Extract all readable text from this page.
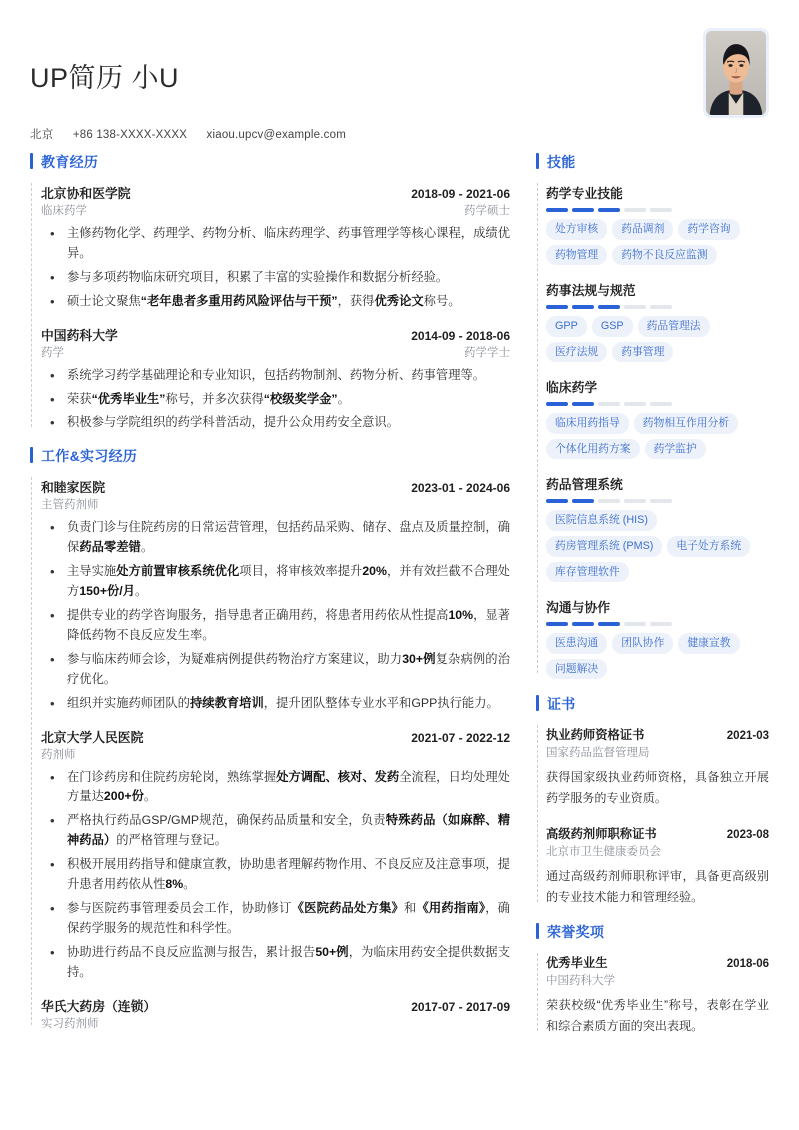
UP简历 小U
北京 +86 138-XXXX-XXXX xiaou.upcv@example.com
教育经历
北京协和医学院	2018-09 - 2021-06
临床药学	药学硕士
• 主修药物化学、药理学、药物分析、临床药理学、药事管理学等核心课程，成绩优异。
• 参与多项药物临床研究项目，积累了丰富的实验操作和数据分析经验。
• 硕士论文聚焦“老年患者多重用药风险评估与干预”，获得优秀论文称号。
中国药科大学	2014-09 - 2018-06
药学	药学学士
• 系统学习药学基础理论和专业知识，包括药物制剂、药物分析、药事管理等。
• 荣获“优秀毕业生”称号，并多次获得“校级奖学金”。
• 积极参与学院组织的药学科普活动，提升公众用药安全意识。
工作&实习经历
和睦家医院	2023-01 - 2024-06
主管药剂师
• 负责门诊与住院药房的日常运营管理，包括药品采购、储存、盘点及质量控制，确保药品零差错。
• 主导实施处方前置审核系统优化项目，将审核效率提升20%，并有效拦截不合理处方150+份/月。
• 提供专业的药学咨询服务，指导患者正确用药，将患者用药依从性提高10%，显著降低药物不良反应发生率。
• 参与临床药师会诊，为疑难病例提供药物治疗方案建议，助力30+例复杂病例的治疗优化。
• 组织并实施药师团队的持续教育培训，提升团队整体专业水平和GPP执行能力。
北京大学人民医院	2021-07 - 2022-12
药剂师
• 在门诊药房和住院药房轮岗，熟练掌握处方调配、核对、发药全流程，日均处理处方量达200+份。
• 严格执行药品GSP/GMP规范，确保药品质量和安全，负责特殊药品（如麻醉、精神药品）的严格管理与登记。
• 积极开展用药指导和健康宣教，协助患者理解药物作用、不良反应及注意事项，提升患者用药依从性8%。
• 参与医院药事管理委员会工作，协助修订《医院药品处方集》和《用药指南》，确保药学服务的规范性和科学性。
• 协助进行药品不良反应监测与报告，累计报告50+例，为临床用药安全提供数据支持。
华氏大药房（连锁）	2017-07 - 2017-09
实习药剂师
技能
药学专业技能
处方审核	药品调剂	药学咨询
药物管理	药物不良反应监测
药事法规与规范
GPP	GSP	药品管理法
医疗法规	药事管理
临床药学
临床用药指导	药物相互作用分析
个体化用药方案	药学监护
药品管理系统
医院信息系统 (HIS)
药房管理系统 (PMS)	电子处方系统
库存管理软件
沟通与协作
医患沟通	团队协作	健康宣教
问题解决
证书
执业药师资格证书	2021-03
国家药品监督管理局
获得国家级执业药师资格，具备独立开展药学服务的专业资质。
高级药剂师职称证书	2023-08
北京市卫生健康委员会
通过高级药剂师职称评审，具备更高级别的专业技术能力和管理经验。
荣誉奖项
优秀毕业生	2018-06
中国药科大学
荣获校级“优秀毕业生”称号，表彰在学业和综合素质方面的突出表现。
